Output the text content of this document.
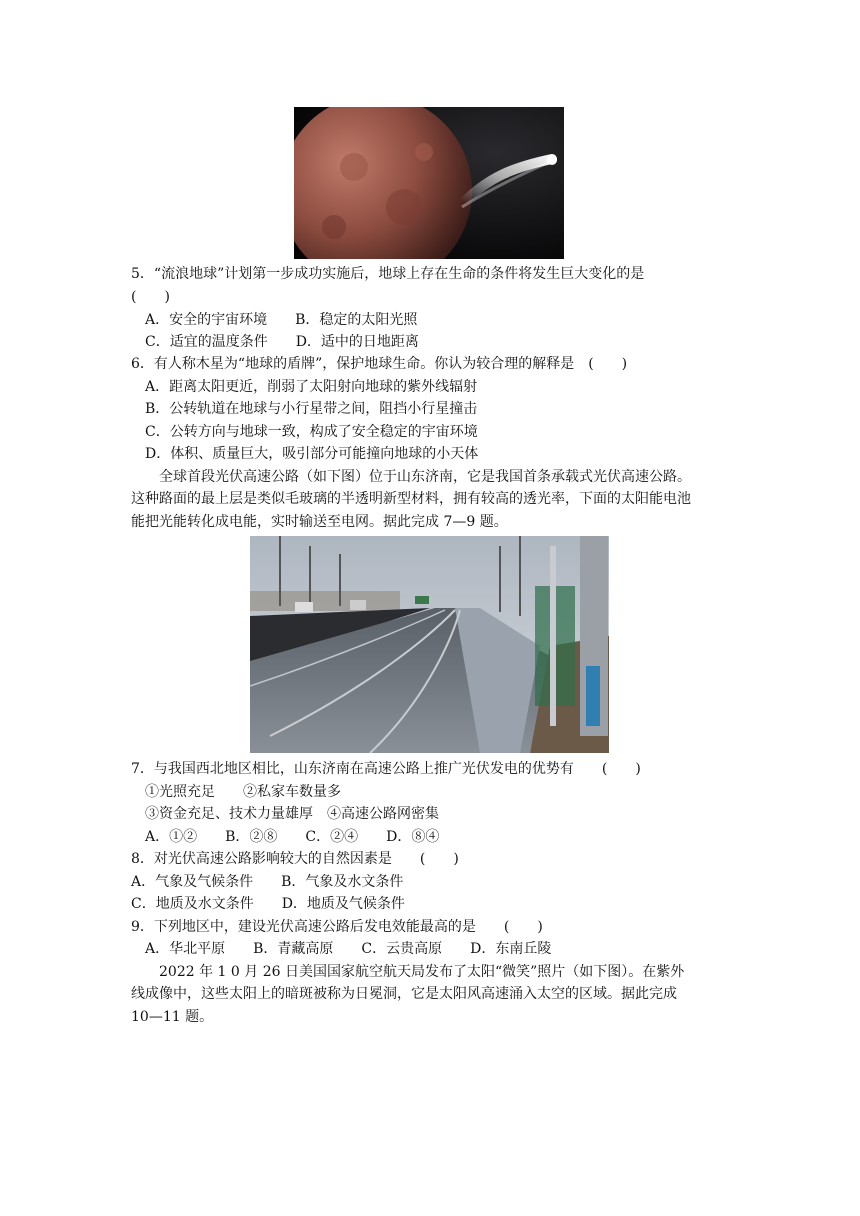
5．“流浪地球”计划第一步成功实施后，地球上存在生命的条件将发生巨大变化的是
(　　)
A．安全的宇宙环境　　B．稳定的太阳光照
C．适宜的温度条件　　D．适中的日地距离
6．有人称木星为“地球的盾牌”，保护地球生命。你认为较合理的解释是　(　　)
A．距离太阳更近，削弱了太阳射向地球的紫外线辐射
B．公转轨道在地球与小行星带之间，阻挡小行星撞击
C．公转方向与地球一致，构成了安全稳定的宇宙环境
D．体积、质量巨大，吸引部分可能撞向地球的小天体
　　全球首段光伏高速公路（如下图）位于山东济南，它是我国首条承载式光伏高速公路。
这种路面的最上层是类似毛玻璃的半透明新型材料，拥有较高的透光率，下面的太阳能电池
能把光能转化成电能，实时输送至电网。据此完成 7—9 题。
7．与我国西北地区相比，山东济南在高速公路上推广光伏发电的优势有　　(　　)
①光照充足　　②私家车数量多
③资金充足、技术力量雄厚　④高速公路网密集
A．①②　　B．②⑧　　C．②④　　D．⑧④
8．对光伏高速公路影响较大的自然因素是　　(　　)
A．气象及气候条件　　B．气象及水文条件
C．地质及水文条件　　D．地质及气候条件
9．下列地区中，建设光伏高速公路后发电效能最高的是　　(　　)
A．华北平原　　B．青藏高原　　C．云贵高原　　D．东南丘陵
　　2022 年 1 0 月 26 日美国国家航空航天局发布了太阳“微笑”照片（如下图）。在紫外
线成像中，这些太阳上的暗斑被称为日冕洞，它是太阳风高速涌入太空的区域。据此完成
10—11 题。
